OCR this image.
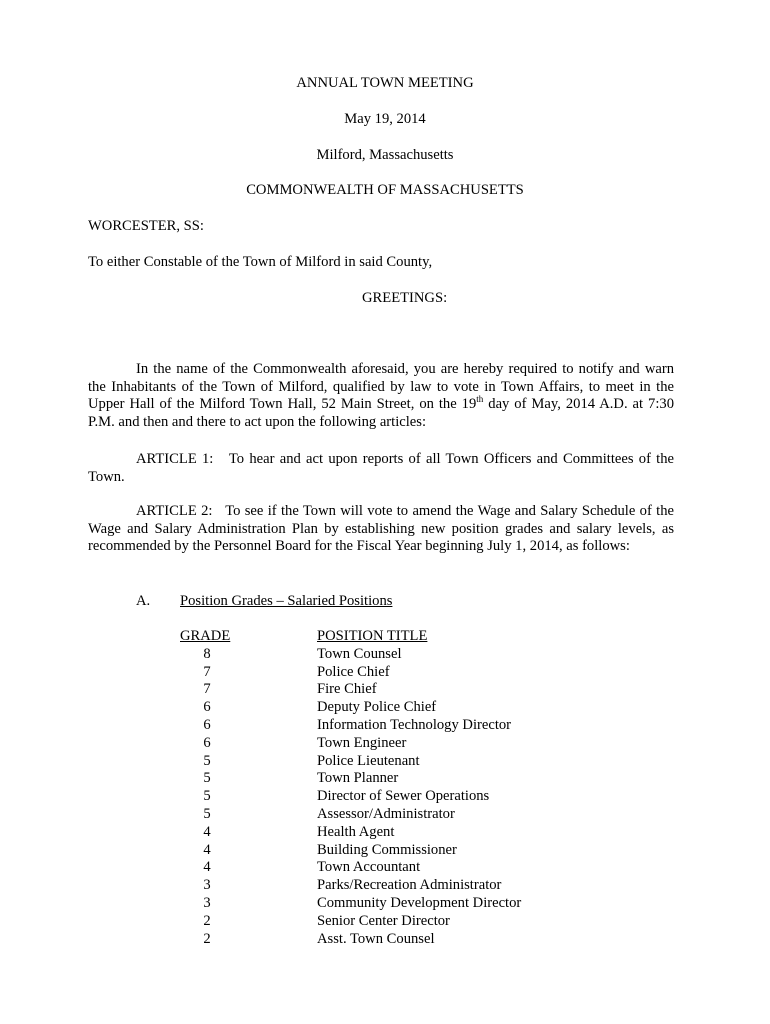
ANNUAL TOWN MEETING
May 19, 2014
Milford, Massachusetts
COMMONWEALTH OF MASSACHUSETTS
WORCESTER, SS:
To either Constable of the Town of Milford in said County,
GREETINGS:
In the name of the Commonwealth aforesaid, you are hereby required to notify and warn the Inhabitants of the Town of Milford, qualified by law to vote in Town Affairs, to meet in the Upper Hall of the Milford Town Hall, 52 Main Street, on the 19th day of May, 2014 A.D. at 7:30 P.M. and then and there to act upon the following articles:
ARTICLE 1: To hear and act upon reports of all Town Officers and Committees of the Town.
ARTICLE 2: To see if the Town will vote to amend the Wage and Salary Schedule of the Wage and Salary Administration Plan by establishing new position grades and salary levels, as recommended by the Personnel Board for the Fiscal Year beginning July 1, 2014, as follows:
A. Position Grades – Salaried Positions
GRADE	POSITION TITLE
8	Town Counsel
7	Police Chief
7	Fire Chief
6	Deputy Police Chief
6	Information Technology Director
6	Town Engineer
5	Police Lieutenant
5	Town Planner
5	Director of Sewer Operations
5	Assessor/Administrator
4	Health Agent
4	Building Commissioner
4	Town Accountant
3	Parks/Recreation Administrator
3	Community Development Director
2	Senior Center Director
2	Asst. Town Counsel
